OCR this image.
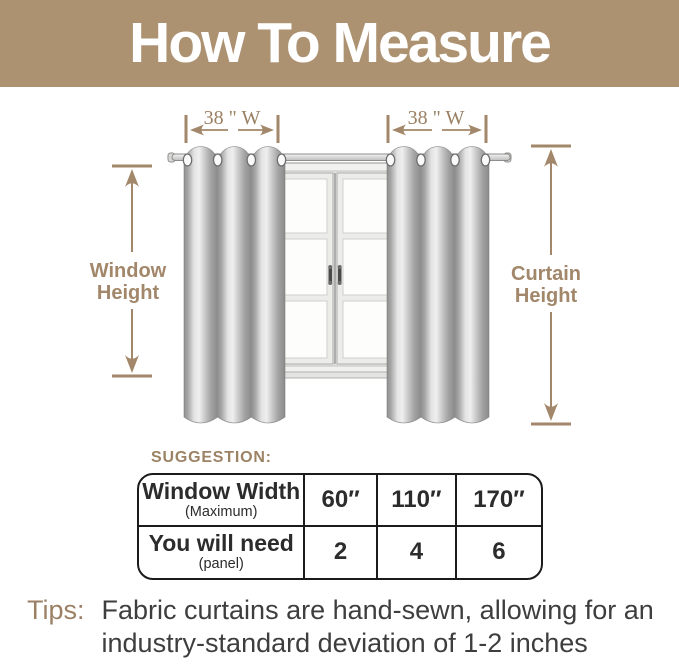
How To Measure
38 " W	38 " W
Window
Height
Curtain
Height
SUGGESTION:
Window Width
(Maximum)	60″	110″	170″
You will need
(panel)	2	4	6
Tips: Fabric curtains are hand-sewn, allowing for an
industry-standard deviation of 1-2 inches
